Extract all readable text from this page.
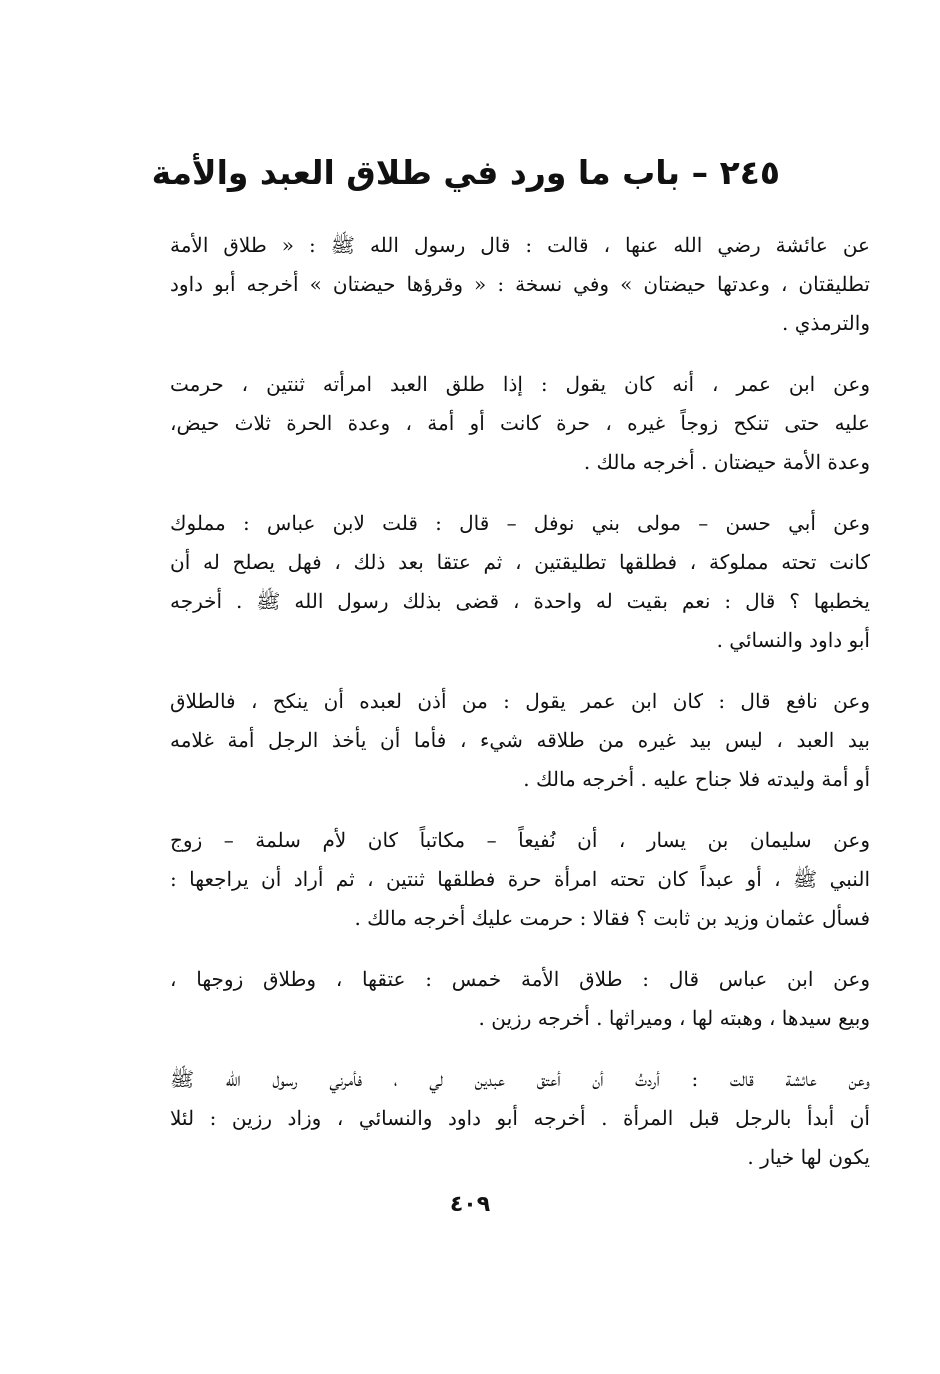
٢٤٥ – باب ما ورد في طلاق العبد والأمة
عن عائشة رضي الله عنها ، قالت : قال رسول الله ﷺ : « طلاق الأمة
تطليقتان ، وعدتها حيضتان » وفي نسخة : « وقرؤها حيضتان » أخرجه أبو داود
والترمذي .
وعن ابن عمر ، أنه كان يقول : إذا طلق العبد امرأته ثنتين ، حرمت
عليه حتى تنكح زوجاً غيره ، حرة كانت أو أمة ، وعدة الحرة ثلاث حيض،
وعدة الأمة حيضتان . أخرجه مالك .
وعن أبي حسن – مولى بني نوفل – قال : قلت لابن عباس : مملوك
كانت تحته مملوكة ، فطلقها تطليقتين ، ثم عتقا بعد ذلك ، فهل يصلح له أن
يخطبها ؟ قال : نعم بقيت له واحدة ، قضى بذلك رسول الله ﷺ . أخرجه
أبو داود والنسائي .
وعن نافع قال : كان ابن عمر يقول : من أذن لعبده أن ينكح ، فالطلاق
بيد العبد ، ليس بيد غيره من طلاقه شيء ، فأما أن يأخذ الرجل أمة غلامه
أو أمة وليدته فلا جناح عليه . أخرجه مالك .
وعن سليمان بن يسار ، أن نُفيعاً – مكاتباً كان لأم سلمة – زوج
النبي ﷺ ، أو عبداً كان تحته امرأة حرة فطلقها ثنتين ، ثم أراد أن يراجعها :
فسأل عثمان وزيد بن ثابت ؟ فقالا : حرمت عليك أخرجه مالك .
وعن ابن عباس قال : طلاق الأمة خمس : عتقها ، وطلاق زوجها ،
وبيع سيدها ، وهبته لها ، وميراثها . أخرجه رزين .
وعن عائشة قالت : أردتُ أن أعتق عبدين لي ، فأمرني رسول الله ﷺ
أن أبدأ بالرجل قبل المرأة . أخرجه أبو داود والنسائي ، وزاد رزين : لئلا
يكون لها خيار .
٤٠٩
